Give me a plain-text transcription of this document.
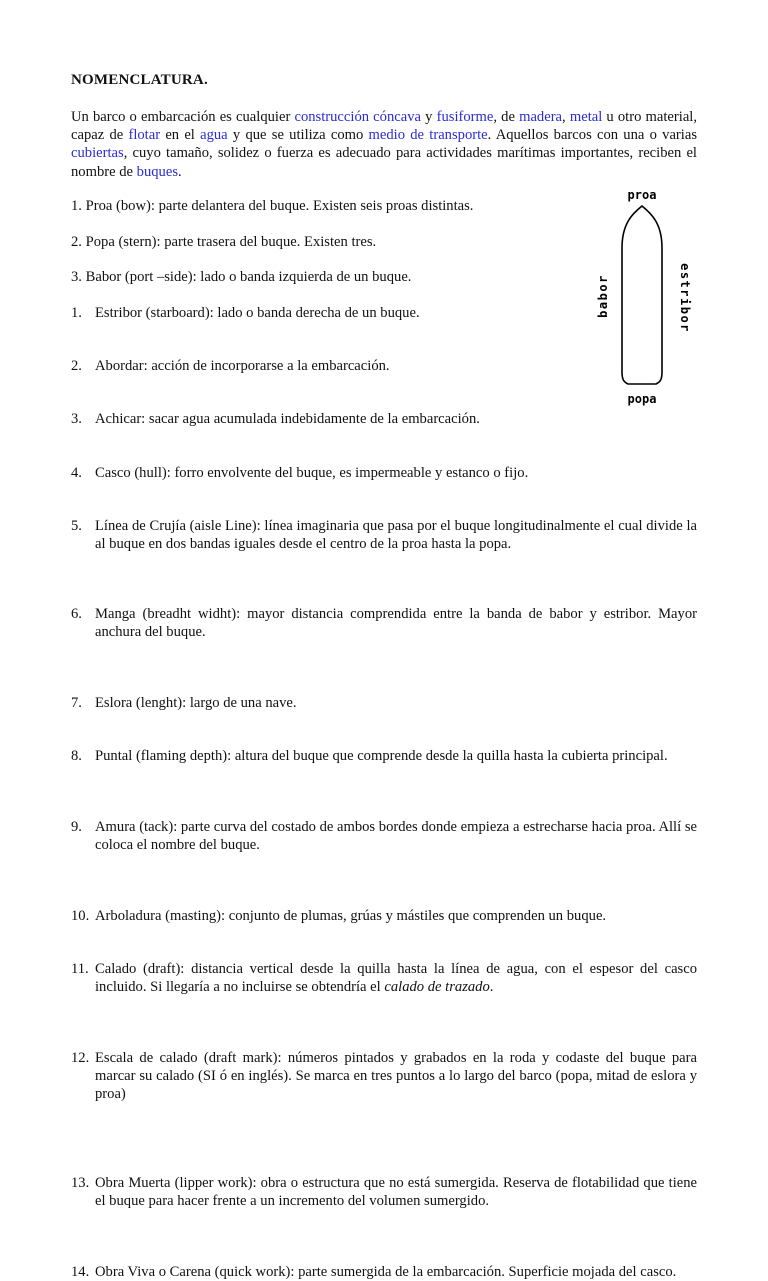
NOMENCLATURA.
Un barco o embarcación es cualquier construcción cóncava y fusiforme, de madera, metal u otro material, capaz de flotar en el agua y que se utiliza como medio de transporte. Aquellos barcos con una o varias cubiertas, cuyo tamaño, solidez o fuerza es adecuado para actividades marítimas importantes, reciben el nombre de buques.
proa
popa
babor	estribor
1. Proa (bow): parte delantera del buque. Existen seis proas distintas.
2. Popa (stern): parte trasera del buque. Existen tres.
3. Babor (port –side): lado o banda izquierda de un buque.
1. Estribor (starboard): lado o banda derecha de un buque.
2. Abordar: acción de incorporarse a la embarcación.
3. Achicar: sacar agua acumulada indebidamente de la embarcación.
4. Casco (hull): forro envolvente del buque, es impermeable y estanco o fijo.
5. Línea de Crujía (aisle Line): línea imaginaria que pasa por el buque longitudinalmente el cual divide la al buque en dos bandas iguales desde el centro de la proa hasta la popa.
6. Manga (breadht widht): mayor distancia comprendida entre la banda de babor y estribor. Mayor anchura del buque.
7. Eslora (lenght): largo de una nave.
8. Puntal (flaming depth): altura del buque que comprende desde la quilla hasta la cubierta principal.
9. Amura (tack): parte curva del costado de ambos bordes donde empieza a estrecharse hacia proa. Allí se coloca el nombre del buque.
10. Arboladura (masting): conjunto de plumas, grúas y mástiles que comprenden un buque.
11. Calado (draft): distancia vertical desde la quilla hasta la línea de agua, con el espesor del casco incluido. Si llegaría a no incluirse se obtendría el calado de trazado.
12. Escala de calado (draft mark): números pintados y grabados en la roda y codaste del buque para marcar su calado (SI ó en inglés). Se marca en tres puntos a lo largo del barco (popa, mitad de eslora y proa)
13. Obra Muerta (lipper work): obra o estructura que no está sumergida. Reserva de flotabilidad que tiene el buque para hacer frente a un incremento del volumen sumergido.
14. Obra Viva o Carena (quick work): parte sumergida de la embarcación. Superficie mojada del casco.
